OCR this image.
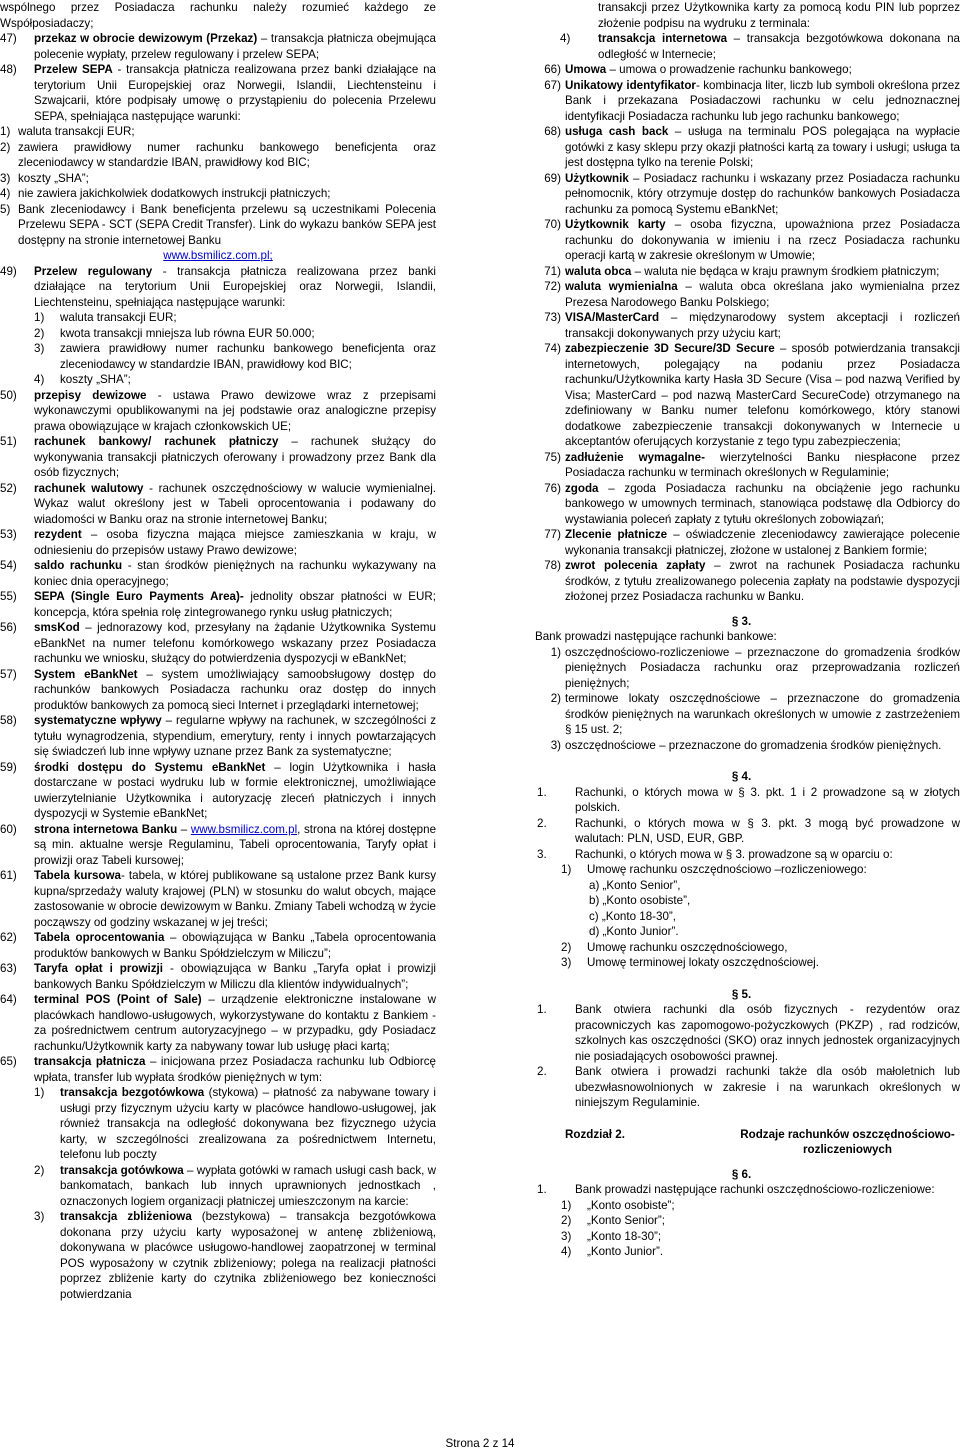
wspólnego przez Posiadacza rachunku należy rozumieć każdego ze Współposiadaczy;

47)	przekaz w obrocie dewizowym (Przekaz) – transakcja płatnicza obejmująca polecenie wypłaty, przelew regulowany i przelew SEPA;
48)	Przelew SEPA - transakcja płatnicza realizowana przez banki działające na terytorium Unii Europejskiej oraz Norwegii, Islandii, Liechtensteinu i Szwajcarii, które podpisały umowę o przystąpieniu do polecenia Przelewu SEPA, spełniająca następujące warunki:
1) waluta transakcji EUR;
2) zawiera prawidłowy numer rachunku bankowego beneficjenta oraz zleceniodawcy w standardzie IBAN, prawidłowy kod BIC;
3) koszty „SHA”;
4) nie zawiera jakichkolwiek dodatkowych instrukcji płatniczych;
5) Bank zleceniodawcy i Bank beneficjenta przelewu są uczestnikami Polecenia Przelewu SEPA - SCT (SEPA Credit Transfer). Link do wykazu banków SEPA jest dostępny na stronie internetowej Banku
www.bsmilicz.com.pl;
49)	Przelew regulowany - transakcja płatnicza realizowana przez banki działające na terytorium Unii Europejskiej oraz Norwegii, Islandii, Liechtensteinu, spełniająca następujące warunki:
1)	waluta transakcji EUR;
2)	kwota transakcji mniejsza lub równa EUR 50.000;
3)	zawiera prawidłowy numer rachunku bankowego beneficjenta oraz zleceniodawcy w standardzie IBAN, prawidłowy kod BIC;
4)	koszty „SHA”;
50)	przepisy dewizowe - ustawa Prawo dewizowe wraz z przepisami wykonawczymi opublikowanymi na jej podstawie oraz analogiczne przepisy prawa obowiązujące w krajach członkowskich UE;
51)	rachunek bankowy/ rachunek płatniczy – rachunek służący do wykonywania transakcji płatniczych oferowany i prowadzony przez Bank dla osób fizycznych;
52)	rachunek walutowy - rachunek oszczędnościowy w walucie wymienialnej. Wykaz walut określony jest w Tabeli oprocentowania i podawany do wiadomości w Banku oraz na stronie internetowej Banku;
53)	rezydent – osoba fizyczna mająca miejsce zamieszkania w kraju, w odniesieniu do przepisów ustawy Prawo dewizowe;
54)	saldo rachunku - stan środków pieniężnych na rachunku wykazywany na koniec dnia operacyjnego;
55)	SEPA (Single Euro Payments Area)- jednolity obszar płatności w EUR; koncepcja, która spełnia rolę zintegrowanego rynku usług płatniczych;
56)	smsKod – jednorazowy kod, przesyłany na żądanie Użytkownika Systemu eBankNet na numer telefonu komórkowego wskazany przez Posiadacza rachunku we wniosku, służący do potwierdzenia dyspozycji w eBankNet;
57)	System eBankNet – system umożliwiający samoobsługowy dostęp do rachunków bankowych Posiadacza rachunku oraz dostęp do innych produktów bankowych za pomocą sieci Internet i przeglądarki internetowej;
58)	systematyczne wpływy – regularne wpływy na rachunek, w szczególności z tytułu wynagrodzenia, stypendium, emerytury, renty i innych powtarzających się świadczeń lub inne wpływy uznane przez Bank za systematyczne;
59)	środki dostępu do Systemu eBankNet – login Użytkownika i hasła dostarczane w postaci wydruku lub w formie elektronicznej, umożliwiające uwierzytelnianie Użytkownika i autoryzację zleceń płatniczych i innych dyspozycji w Systemie eBankNet;
60)	strona internetowa Banku – www.bsmilicz.com.pl, strona na której dostępne są min. aktualne wersje Regulaminu, Tabeli oprocentowania, Taryfy opłat i prowizji oraz Tabeli kursowej;
61)	Tabela kursowa- tabela, w której publikowane są ustalone przez Bank kursy kupna/sprzedaży waluty krajowej (PLN) w stosunku do walut obcych, mające zastosowanie w obrocie dewizowym w Banku. Zmiany Tabeli wchodzą w życie począwszy od godziny wskazanej w jej treści;
62)	Tabela oprocentowania – obowiązująca w Banku „Tabela oprocentowania produktów bankowych w Banku Spółdzielczym w Miliczu”;
63)	Taryfa opłat i prowizji - obowiązująca w Banku „Taryfa opłat i prowizji bankowych Banku Spółdzielczym w Miliczu dla klientów indywidualnych”;
64)	terminal POS (Point of Sale) – urządzenie elektroniczne instalowane w placówkach handlowo-usługowych, wykorzystywane do kontaktu z Bankiem - za pośrednictwem centrum autoryzacyjnego – w przypadku, gdy Posiadacz rachunku/Użytkownik karty za nabywany towar lub usługę płaci kartą;
65)	transakcja płatnicza – inicjowana przez Posiadacza rachunku lub Odbiorcę wpłata, transfer lub wypłata środków pieniężnych w tym:
1)	transakcja bezgotówkowa (stykowa) – płatność za nabywane towary i usługi przy fizycznym użyciu karty w placówce handlowo-usługowej, jak również transakcja na odległość dokonywana bez fizycznego użycia karty, w szczególności zrealizowana za pośrednictwem Internetu, telefonu lub poczty
2)	transakcja gotówkowa – wypłata gotówki w ramach usługi cash back, w bankomatach, bankach lub innych uprawnionych jednostkach , oznaczonych logiem organizacji płatniczej umieszczonym na karcie:
3)	transakcja zbliżeniowa (bezstykowa) – transakcja bezgotówkowa dokonana przy użyciu karty wyposażonej w antenę zbliżeniową, dokonywana w placówce usługowo-handlowej zaopatrzonej w terminal POS wyposażony w czytnik zbliżeniowy; polega na realizacji płatności poprzez zbliżenie karty do czytnika zbliżeniowego bez konieczności potwierdzania
transakcji przez Użytkownika karty za pomocą kodu PIN lub poprzez złożenie podpisu na wydruku z terminala:
4)	transakcja internetowa – transakcja bezgotówkowa dokonana na odległość w Internecie;
66) Umowa – umowa o prowadzenie rachunku bankowego;
67) Unikatowy identyfikator- kombinacja liter, liczb lub symboli określona przez Bank i przekazana Posiadaczowi rachunku w celu jednoznacznej identyfikacji Posiadacza rachunku lub jego rachunku bankowego;
68) usługa cash back – usługa na terminalu POS polegająca na wypłacie gotówki z kasy sklepu przy okazji płatności kartą za towary i usługi; usługa ta jest dostępna tylko na terenie Polski;
69) Użytkownik – Posiadacz rachunku i wskazany przez Posiadacza rachunku pełnomocnik, który otrzymuje dostęp do rachunków bankowych Posiadacza rachunku za pomocą Systemu eBankNet;
70) Użytkownik karty – osoba fizyczna, upoważniona przez Posiadacza rachunku do dokonywania w imieniu i na rzecz Posiadacza rachunku operacji kartą w zakresie określonym w Umowie;
71) waluta obca – waluta nie będąca w kraju prawnym środkiem płatniczym;
72) waluta wymienialna – waluta obca określana jako wymienialna przez Prezesa Narodowego Banku Polskiego;
73) VISA/MasterCard – międzynarodowy system akceptacji i rozliczeń transakcji dokonywanych przy użyciu kart;
74) zabezpieczenie 3D Secure/3D Secure – sposób potwierdzania transakcji internetowych, polegający na podaniu przez Posiadacza rachunku/Użytkownika karty Hasła 3D Secure (Visa – pod nazwą Verified by Visa; MasterCard – pod nazwą MasterCard SecureCode) otrzymanego na zdefiniowany w Banku numer telefonu komórkowego, który stanowi dodatkowe zabezpieczenie transakcji dokonywanych w Internecie u akceptantów oferujących korzystanie z tego typu zabezpieczenia;
75) zadłużenie wymagalne- wierzytelności Banku niespłacone przez Posiadacza rachunku w terminach określonych w Regulaminie;
76) zgoda – zgoda Posiadacza rachunku na obciążenie jego rachunku bankowego w umownych terminach, stanowiąca podstawę dla Odbiorcy do wystawiania poleceń zapłaty z tytułu określonych zobowiązań;
77) Zlecenie płatnicze – oświadczenie zleceniodawcy zawierające polecenie wykonania transakcji płatniczej, złożone w ustalonej z Bankiem formie;
78) zwrot polecenia zapłaty – zwrot na rachunek Posiadacza rachunku środków, z tytułu zrealizowanego polecenia zapłaty na podstawie dyspozycji złożonej przez Posiadacza rachunku w Banku.

§ 3.

Bank prowadzi następujące rachunki bankowe:

1) oszczędnościowo-rozliczeniowe – przeznaczone do gromadzenia środków pieniężnych Posiadacza rachunku oraz przeprowadzania rozliczeń pieniężnych;
2) terminowe lokaty oszczędnościowe – przeznaczone do gromadzenia środków pieniężnych na warunkach określonych w umowie z zastrzeżeniem § 15 ust. 2;
3) oszczędnościowe – przeznaczone do gromadzenia środków pieniężnych.

§ 4.

1.	Rachunki, o których mowa w § 3. pkt. 1 i 2 prowadzone są w złotych polskich.
2.	Rachunki, o których mowa w § 3. pkt. 3 mogą być prowadzone w walutach: PLN, USD, EUR, GBP.
3.	Rachunki, o których mowa w § 3. prowadzone są w oparciu o:
1)	Umowę rachunku oszczędnościowo –rozliczeniowego:
a) „Konto Senior”,
b) „Konto osobiste”,
c) „Konto 18-30”,
d) „Konto Junior”.
2)	Umowę rachunku oszczędnościowego,
3)	Umowę terminowej lokaty oszczędnościowej.

§ 5.

1.	Bank otwiera rachunki dla osób fizycznych - rezydentów oraz pracowniczych kas zapomogowo-pożyczkowych (PKZP) , rad rodziców, szkolnych kas oszczędności (SKO) oraz innych jednostek organizacyjnych nie posiadających osobowości prawnej.
2.	Bank otwiera i prowadzi rachunki także dla osób małoletnich lub ubezwłasnowolnionych w zakresie i na warunkach określonych w niniejszym Regulaminie.
Rozdział 2.	Rodzaje rachunków oszczędnościowo-rozliczeniowych

§ 6.

1.	Bank prowadzi następujące rachunki oszczędnościowo-rozliczeniowe:
1)	„Konto osobiste”;
2)	„Konto Senior”;
3)	„Konto 18-30”;
4)	„Konto Junior”.
Strona 2 z 14
